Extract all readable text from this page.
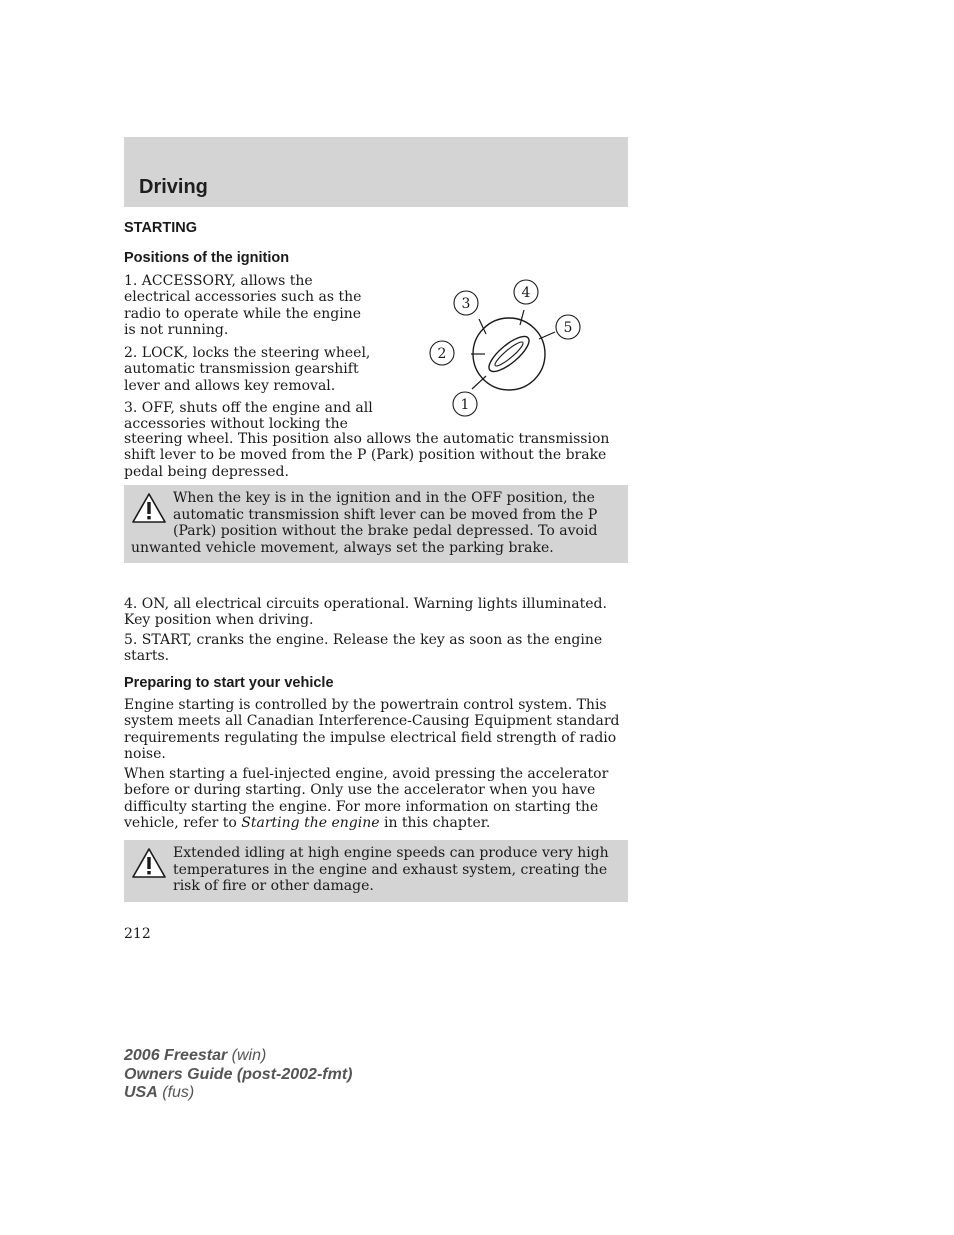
Driving
STARTING
Positions of the ignition

1. ACCESSORY, allows the electrical accessories such as the radio to operate while the engine is not running.

2. LOCK, locks the steering wheel, automatic transmission gearshift lever and allows key removal.

3. OFF, shuts off the engine and all accessories without locking the

steering wheel. This position also allows the automatic transmission shift lever to be moved from the P (Park) position without the brake pedal being depressed.

1
2
3
4
5
When the key is in the ignition and in the OFF position, the automatic transmission shift lever can be moved from the P (Park) position without the brake pedal depressed. To avoid unwanted vehicle movement, always set the parking brake.

4. ON, all electrical circuits operational. Warning lights illuminated. Key position when driving.

5. START, cranks the engine. Release the key as soon as the engine starts.

Preparing to start your vehicle

Engine starting is controlled by the powertrain control system. This system meets all Canadian Interference-Causing Equipment standard requirements regulating the impulse electrical field strength of radio noise.

When starting a fuel-injected engine, avoid pressing the accelerator before or during starting. Only use the accelerator when you have difficulty starting the engine. For more information on starting the vehicle, refer to Starting the engine in this chapter.

Extended idling at high engine speeds can produce very high temperatures in the engine and exhaust system, creating the risk of fire or other damage.

212

2006 Freestar (win)
Owners Guide (post-2002-fmt)
USA (fus)
